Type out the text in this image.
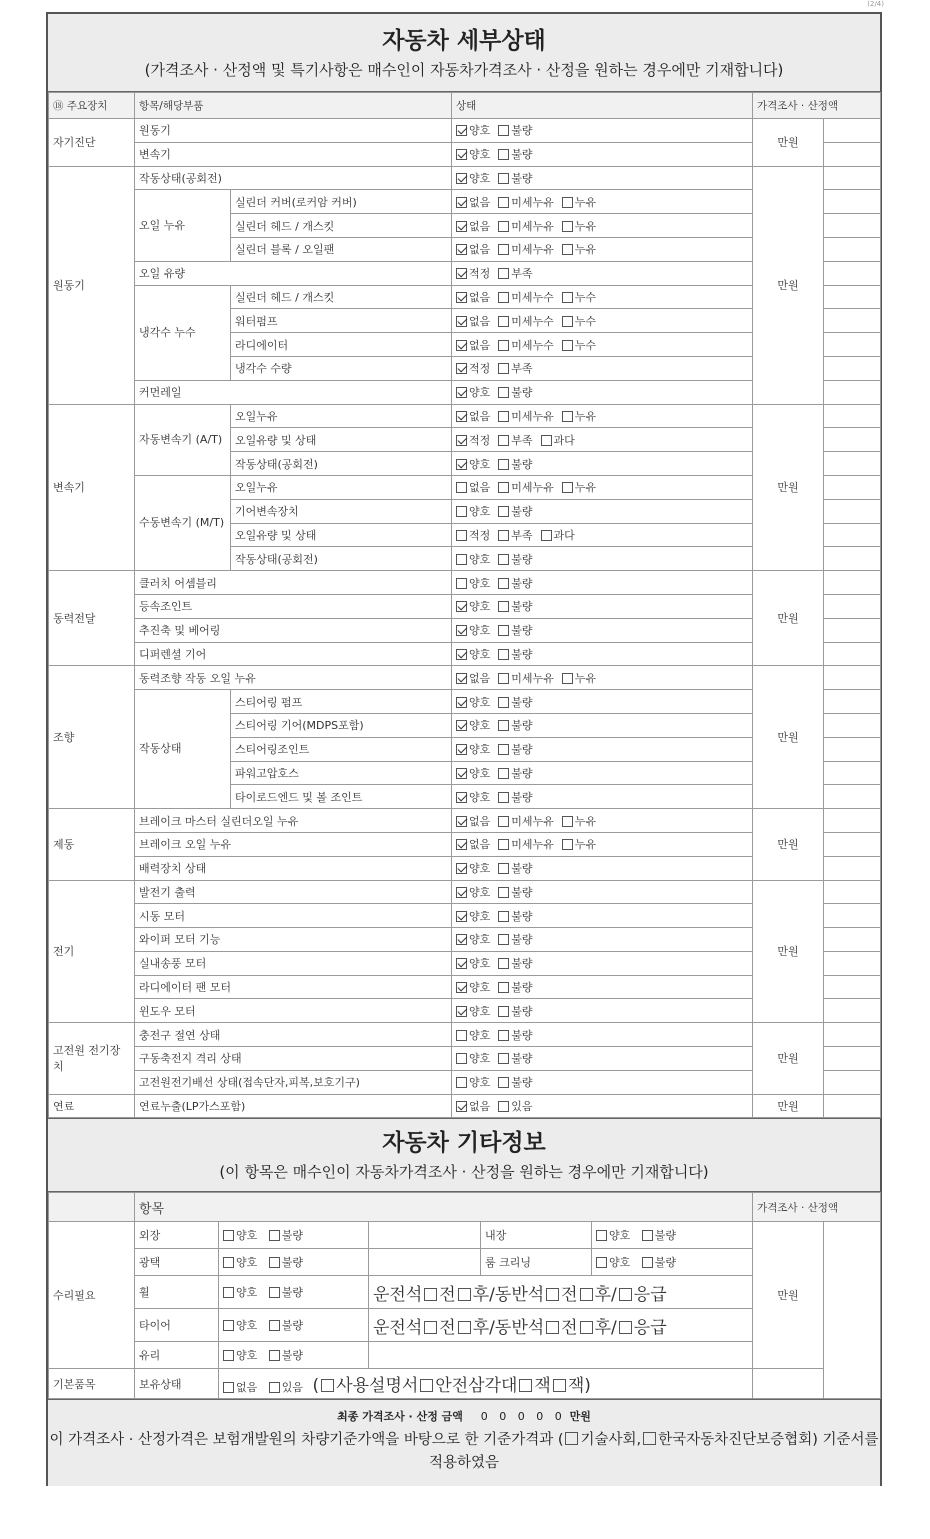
(2/4)
자동차 세부상태
(가격조사 · 산정액 및 특기사항은 매수인이 자동차가격조사 · 산정을 원하는 경우에만 기재합니다)
⑱ 주요장치	항목/해당부품		상태	가격조사 · 산정액	
자기진단	원동기		양호 불량	만원	
	변속기		양호 불량		
원동기	작동상태(공회전)		양호 불량	만원	
	오일 누유	실린더 커버(로커암 커버)	없음 미세누유 누유		
		실린더 헤드 / 개스킷	없음 미세누유 누유		
		실린더 블록 / 오일팬	없음 미세누유 누유		
	오일 유량		적정 부족		
	냉각수 누수	실린더 헤드 / 개스킷	없음 미세누수 누수		
		워터펌프	없음 미세누수 누수		
		라디에이터	없음 미세누수 누수		
		냉각수 수량	적정 부족		
	커먼레일		양호 불량		
변속기	자동변속기 (A/T)	오일누유	없음 미세누유 누유	만원	
		오일유량 및 상태	적정 부족 과다		
		작동상태(공회전)	양호 불량		
	수동변속기 (M/T)	오일누유	없음 미세누유 누유		
		기어변속장치	양호 불량		
		오일유량 및 상태	적정 부족 과다		
		작동상태(공회전)	양호 불량		
동력전달	클러치 어셈블리		양호 불량	만원	
	등속조인트		양호 불량		
	추진축 및 베어링		양호 불량		
	디퍼렌셜 기어		양호 불량		
조향	동력조향 작동 오일 누유		없음 미세누유 누유	만원	
	작동상태	스티어링 펌프	양호 불량		
		스티어링 기어(MDPS포함)	양호 불량		
		스티어링조인트	양호 불량		
		파워고압호스	양호 불량		
		타이로드엔드 및 볼 조인트	양호 불량		
제동	브레이크 마스터 실린더오일 누유		없음 미세누유 누유	만원	
	브레이크 오일 누유		없음 미세누유 누유		
	배력장치 상태		양호 불량		
전기	발전기 출력		양호 불량	만원	
	시동 모터		양호 불량		
	와이퍼 모터 기능		양호 불량		
	실내송풍 모터		양호 불량		
	라디에이터 팬 모터		양호 불량		
	윈도우 모터		양호 불량		
고전원 전기장치	충전구 절연 상태		양호 불량	만원	
	구동축전지 격리 상태		양호 불량		
	고전원전기배선 상태(접속단자,피복,보호기구)		양호 불량		
연료	연료누출(LP가스포함)		없음 있음	만원	
자동차 기타정보
(이 항목은 매수인이 자동차가격조사 · 산정을 원하는 경우에만 기재합니다)
	항목					가격조사 · 산정액	
수리필요	외장	양호 불량		내장	양호 불량	만원	
	광택	양호 불량		룸 크리닝	양호 불량		
	휠	양호 불량	운전석 전 후/동반석 전 후/ 응급				
	타이어	양호 불량	운전석 전 후/동반석 전 후/ 응급				
	유리	양호 불량					
기본품목	보유상태	없음 있음 ( 사용설명서 안전삼각대 잭 잭)					
최종 가격조사 · 산정 금액 0 0 0 0 0 만원
이 가격조사 · 산정가격은 보험개발원의 차량기준가액을 바탕으로 한 기준가격과 ( 기술사회, 한국자동차진단보증협회) 기준서를 적용하였음
